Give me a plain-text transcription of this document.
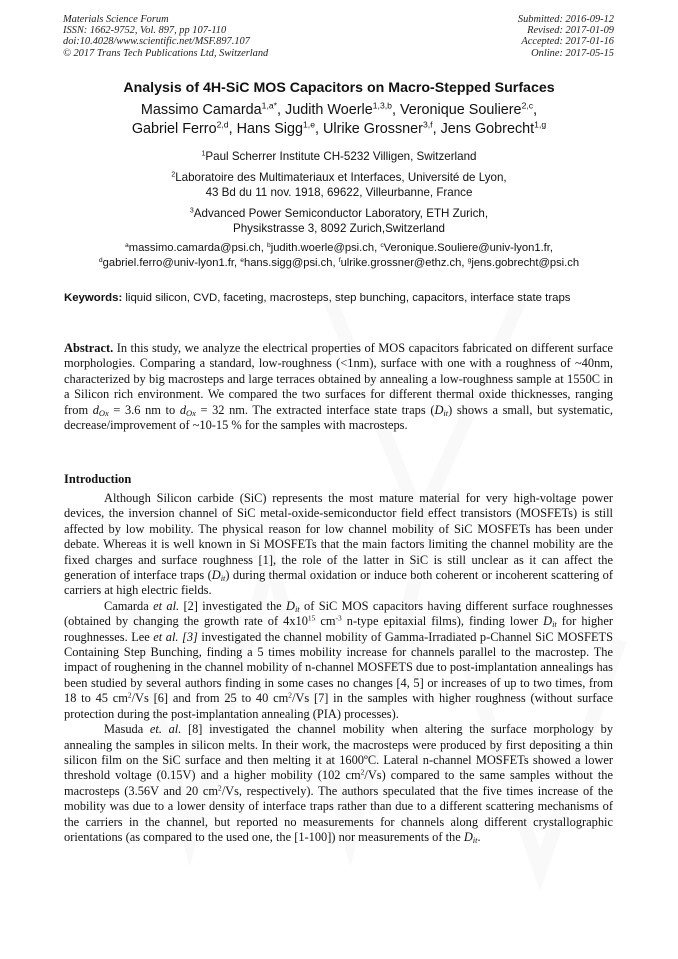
Materials Science Forum
ISSN: 1662-9752, Vol. 897, pp 107-110
doi:10.4028/www.scientific.net/MSF.897.107
© 2017 Trans Tech Publications Ltd, Switzerland
Submitted: 2016-09-12
Revised: 2017-01-09
Accepted: 2017-01-16
Online: 2017-05-15
Analysis of 4H-SiC MOS Capacitors on Macro-Stepped Surfaces
Massimo Camarda$^{1,a*}$, Judith Woerle$^{1,3,b}$, Veronique Souliere$^{2,c}$,
Gabriel Ferro$^{2,d}$, Hans Sigg$^{1,e}$, Ulrike Grossner$^{3,f}$, Jens Gobrecht$^{1,g}$
$^1$Paul Scherrer Institute CH-5232 Villigen, Switzerland
$^2$Laboratoire des Multimateriaux et Interfaces, Université de Lyon,
43 Bd du 11 nov. 1918, 69622, Villeurbanne, France
$^3$Advanced Power Semiconductor Laboratory, ETH Zurich,
Physikstrasse 3, 8092 Zurich,Switzerland
$^a$massimo.camarda@psi.ch, $^b$judith.woerle@psi.ch, $^c$Veronique.Souliere@univ-lyon1.fr,
$^d$gabriel.ferro@univ-lyon1.fr, $^e$hans.sigg@psi.ch, $^f$ulrike.grossner@ethz.ch, $^g$jens.gobrecht@psi.ch
Keywords: liquid silicon, CVD, faceting, macrosteps, step bunching, capacitors, interface state traps
Abstract. In this study, we analyze the electrical properties of MOS capacitors fabricated on different surface morphologies. Comparing a standard, low-roughness (<1nm), surface with one with a roughness of ~40nm, characterized by big macrosteps and large terraces obtained by annealing a low-roughness sample at 1550C in a Silicon rich environment. We compared the two surfaces for different thermal oxide thicknesses, ranging from $d_{Ox} = 3.6$ nm to $d_{Ox} = 32$ nm. The extracted interface state traps $(D_{it})$ shows a small, but systematic, decrease/improvement of ~10-15 % for the samples with macrosteps.
Introduction

Although Silicon carbide (SiC) represents the most mature material for very high-voltage power devices, the inversion channel of SiC metal-oxide-semiconductor field effect transistors (MOSFETs) is still affected by low mobility. The physical reason for low channel mobility of SiC MOSFETs has been under debate. Whereas it is well known in Si MOSFETs that the main factors limiting the channel mobility are the fixed charges and surface roughness [1], the role of the latter in SiC is still unclear as it can affect the generation of interface traps $(D_{it})$ during thermal oxidation or induce both coherent or incoherent scattering of carriers at high electric fields.

Camarda et al. [2] investigated the $D_{it}$ of SiC MOS capacitors having different surface roughnesses (obtained by changing the growth rate of $4x10^{15}$ $cm^{-3}$ n-type epitaxial films), finding lower $D_{it}$ for higher roughnesses. Lee et al. [3] investigated the channel mobility of Gamma-Irradiated p-Channel SiC MOSFETS Containing Step Bunching, finding a 5 times mobility increase for channels parallel to the macrostep. The impact of roughening in the channel mobility of n-channel MOSFETS due to post-implantation annealings has been studied by several authors finding in some cases no changes [4, 5] or increases of up to two times, from 18 to 45 $cm^2/Vs$ [6] and from 25 to 40 $cm^2/Vs$ [7] in the samples with higher roughness (without surface protection during the post-implantation annealing (PIA) processes).

Masuda et. al. [8] investigated the channel mobility when altering the surface morphology by annealing the samples in silicon melts. In their work, the macrosteps were produced by first depositing a thin silicon film on the SiC surface and then melting it at 1600ºC. Lateral n-channel MOSFETs showed a lower threshold voltage (0.15V) and a higher mobility (102 $cm^2/Vs$) compared to the same samples without the macrosteps (3.56V and 20 $cm^2/Vs$, respectively). The authors speculated that the five times increase of the mobility was due to a lower density of interface traps rather than due to a different scattering mechanisms of the carriers in the channel, but reported no measurements for channels along different crystallographic orientations (as compared to the used one, the [1-100]) nor measurements of the $D_{it}$.
